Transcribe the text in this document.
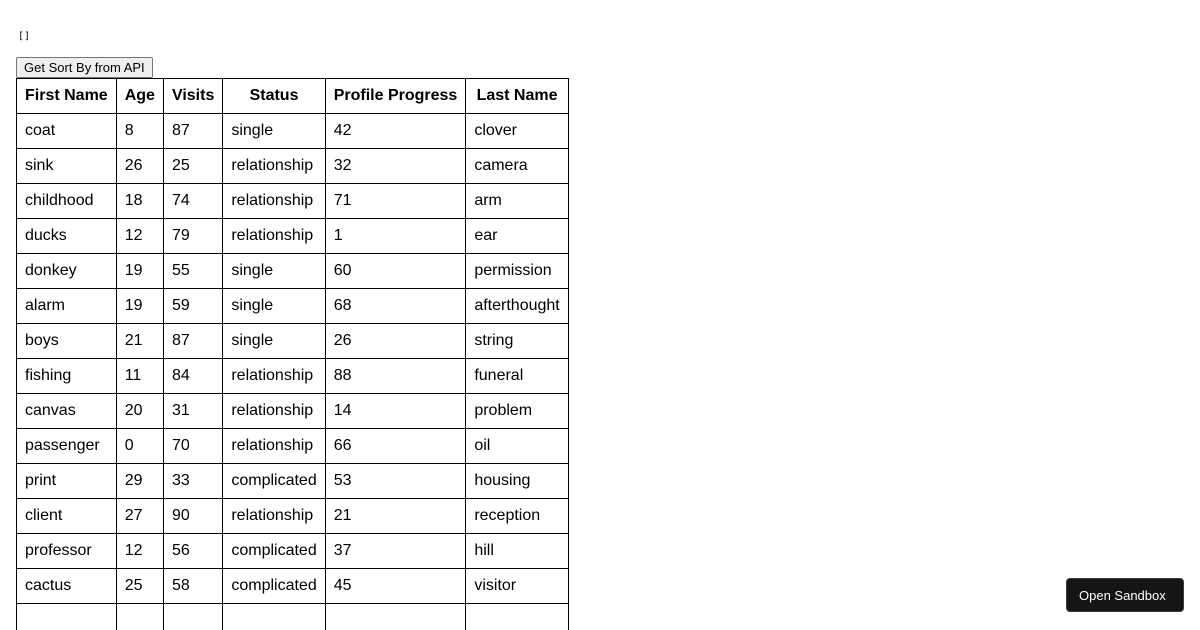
[]
Get Sort By from API
First Name	Age	Visits	Status	Profile Progress	Last Name
coat	8	87	single	42	clover
sink	26	25	relationship	32	camera
childhood	18	74	relationship	71	arm
ducks	12	79	relationship	1	ear
donkey	19	55	single	60	permission
alarm	19	59	single	68	afterthought
boys	21	87	single	26	string
fishing	11	84	relationship	88	funeral
canvas	20	31	relationship	14	problem
passenger	0	70	relationship	66	oil
print	29	33	complicated	53	housing
client	27	90	relationship	21	reception
professor	12	56	complicated	37	hill
cactus	25	58	complicated	45	visitor

Open Sandbox
